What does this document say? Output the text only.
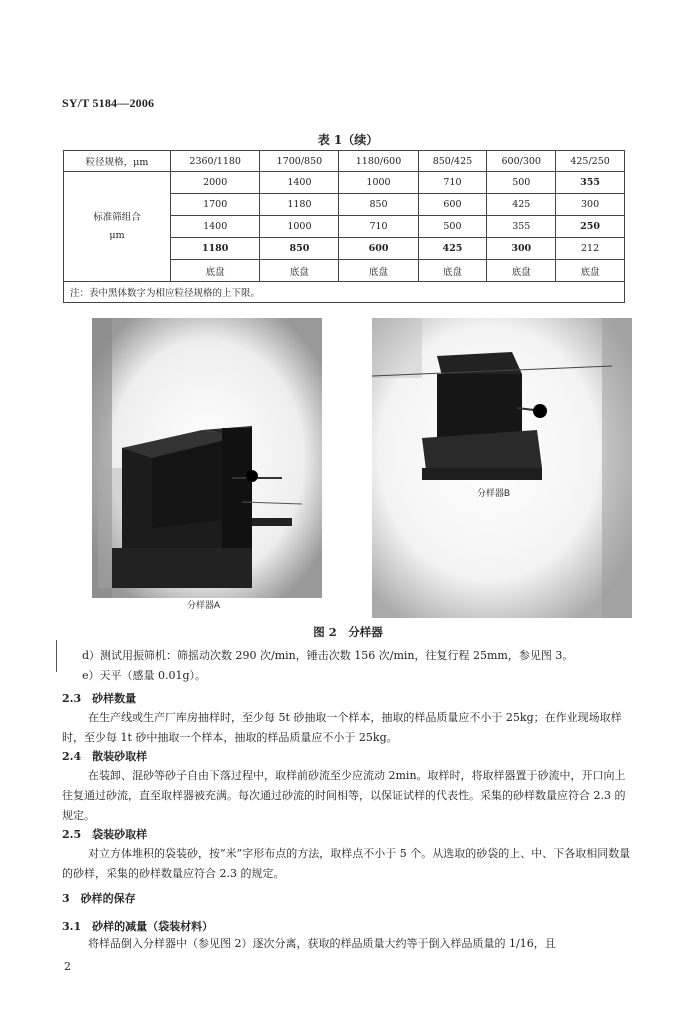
SY/T 5184—2006
表 1（续）
粒径规格，μm	2360/1180	1700/850	1180/600	850/425	600/300	425/250
标准筛组合
μm	2000	1400	1000	710	500	355
	1700	1180	850	600	425	300
	1400	1000	710	500	355	250
	1180	850	600	425	300	212
	底盘	底盘	底盘	底盘	底盘	底盘
注：表中黑体数字为相应粒径规格的上下限。						
分样器A
分样器B
图 2　分样器
d）测试用振筛机：筛摇动次数 290 次/min，锤击次数 156 次/min，往复行程 25mm，参见图 3。
e）天平（感量 0.01g）。
2.3　砂样数量
在生产线或生产厂库房抽样时，至少每 5t 砂抽取一个样本，抽取的样品质量应不小于 25kg；在作业现场取样时，至少每 1t 砂中抽取一个样本，抽取的样品质量应不小于 25kg。
2.4　散装砂取样
在装卸、混砂等砂子自由下落过程中，取样前砂流至少应流动 2min。取样时，将取样器置于砂流中，开口向上往复通过砂流，直至取样器被充满。每次通过砂流的时间相等，以保证试样的代表性。采集的砂样数量应符合 2.3 的规定。
2.5　袋装砂取样
对立方体堆积的袋装砂，按“米”字形布点的方法，取样点不小于 5 个。从选取的砂袋的上、中、下各取相同数量的砂样，采集的砂样数量应符合 2.3 的规定。
3　砂样的保存
3.1　砂样的减量（袋装材料）
将样品倒入分样器中（参见图 2）逐次分离，获取的样品质量大约等于倒入样品质量的 1/16，且
2
